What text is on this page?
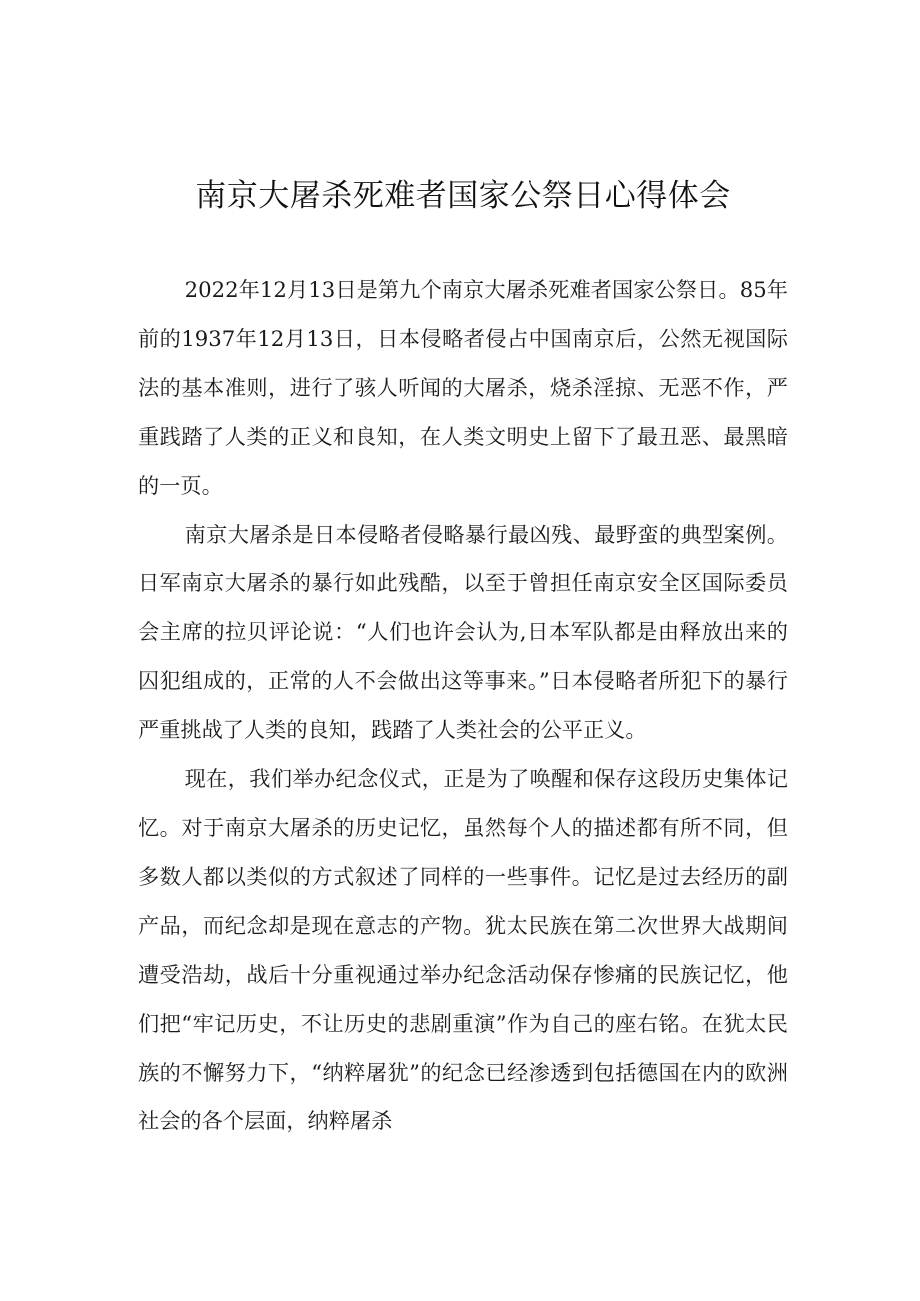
南京大屠杀死难者国家公祭日心得体会

2022年12月13日是第九个南京大屠杀死难者国家公祭日。85年前的1937年12月13日，日本侵略者侵占中国南京后，公然无视国际法的基本准则，进行了骇人听闻的大屠杀，烧杀淫掠、无恶不作，严重践踏了人类的正义和良知，在人类文明史上留下了最丑恶、最黑暗的一页。

南京大屠杀是日本侵略者侵略暴行最凶残、最野蛮的典型案例。日军南京大屠杀的暴行如此残酷，以至于曾担任南京安全区国际委员会主席的拉贝评论说：“人们也许会认为,日本军队都是由释放出来的囚犯组成的，正常的人不会做出这等事来。”日本侵略者所犯下的暴行严重挑战了人类的良知，践踏了人类社会的公平正义。

现在，我们举办纪念仪式，正是为了唤醒和保存这段历史集体记忆。对于南京大屠杀的历史记忆，虽然每个人的描述都有所不同，但多数人都以类似的方式叙述了同样的一些事件。记忆是过去经历的副产品，而纪念却是现在意志的产物。犹太民族在第二次世界大战期间遭受浩劫，战后十分重视通过举办纪念活动保存惨痛的民族记忆，他们把“牢记历史，不让历史的悲剧重演”作为自己的座右铭。在犹太民族的不懈努力下，“纳粹屠犹”的纪念已经渗透到包括德国在内的欧洲社会的各个层面，纳粹屠杀
